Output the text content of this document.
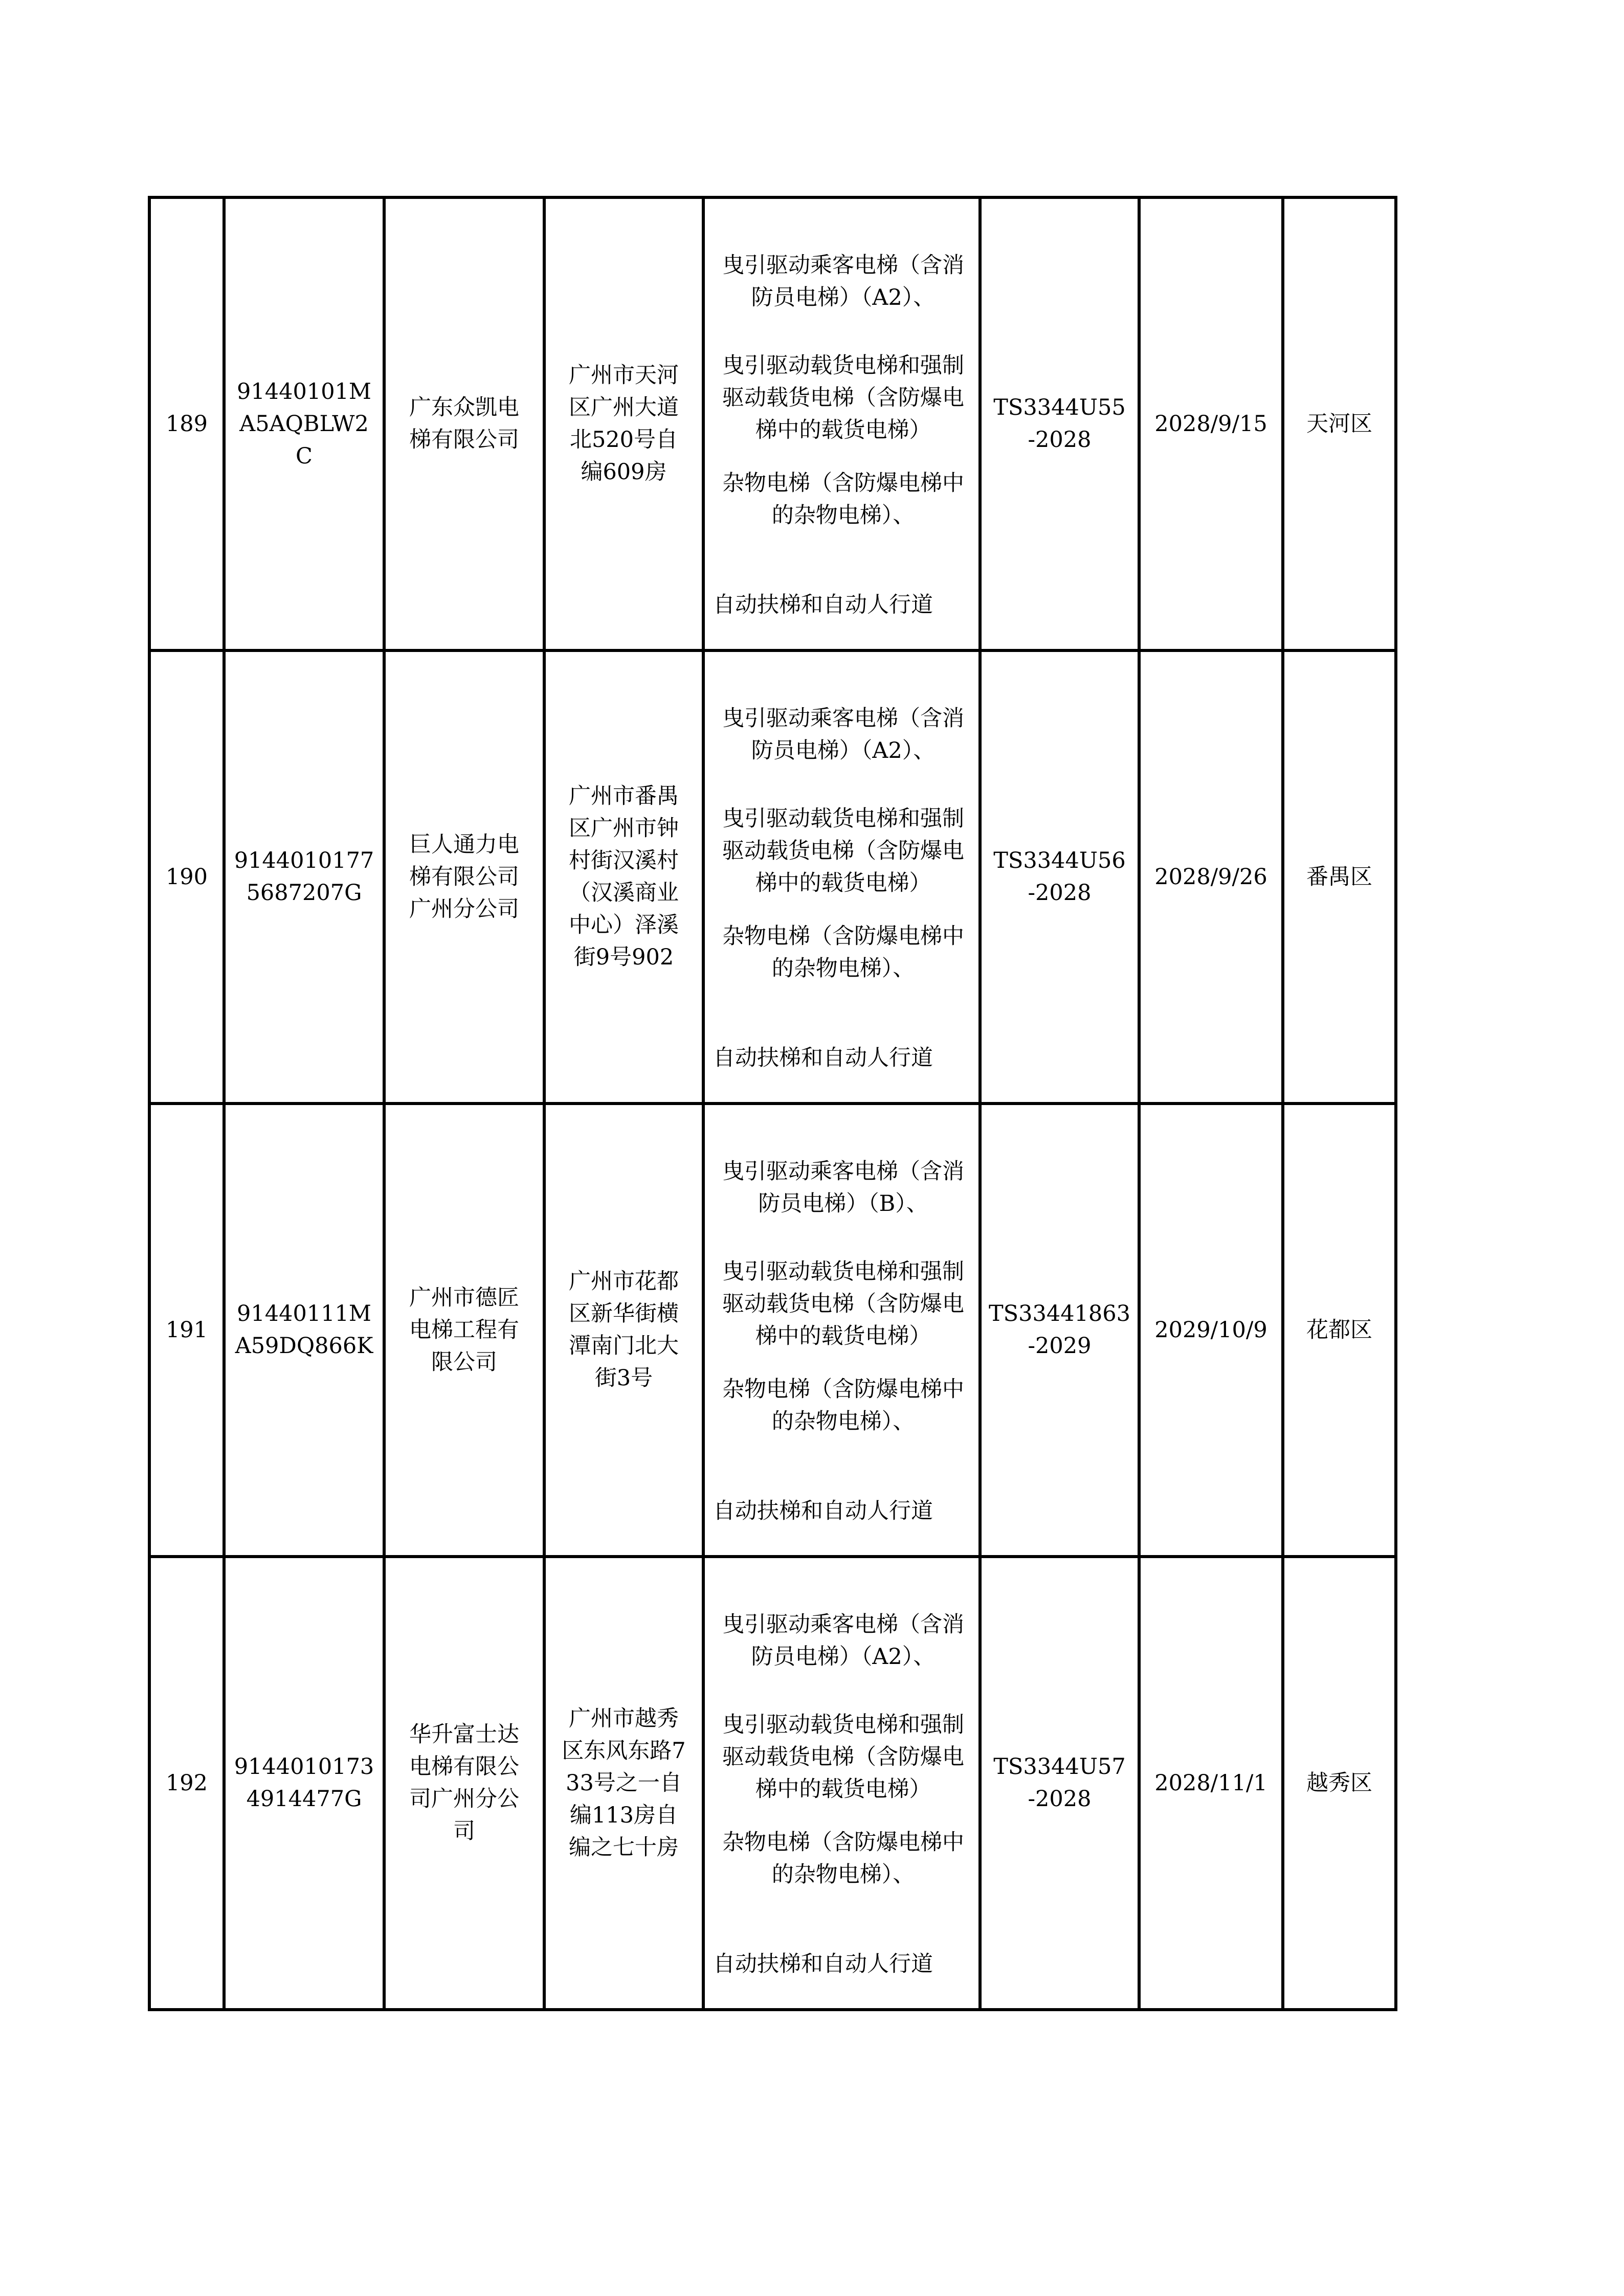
189	91440101MA5AQBLW2C	广东众凯电梯有限公司	广州市天河区广州大道北520号自编609房	曳引驱动乘客电梯（含消防员电梯）（A2）、
曳引驱动载货电梯和强制驱动载货电梯（含防爆电梯中的载货电梯）
杂物电梯（含防爆电梯中的杂物电梯）、
自动扶梯和自动人行道	TS3344U55-2028	2028/9/15	天河区

190	91440101775687207G	巨人通力电梯有限公司广州分公司	广州市番禺区广州市钟村街汉溪村（汉溪商业中心）泽溪街9号902	曳引驱动乘客电梯（含消防员电梯）（A2）、
曳引驱动载货电梯和强制驱动载货电梯（含防爆电梯中的载货电梯）
杂物电梯（含防爆电梯中的杂物电梯）、
自动扶梯和自动人行道	TS3344U56-2028	2028/9/26	番禺区

191	91440111MA59DQ866K	广州市德匠电梯工程有限公司	广州市花都区新华街横潭南门北大街3号	曳引驱动乘客电梯（含消防员电梯）（B）、
曳引驱动载货电梯和强制驱动载货电梯（含防爆电梯中的载货电梯）
杂物电梯（含防爆电梯中的杂物电梯）、
自动扶梯和自动人行道	TS33441863-2029	2029/10/9	花都区

192	91440101734914477G	华升富士达电梯有限公司广州分公司	广州市越秀区东风东路733号之一自编113房自编之七十房	曳引驱动乘客电梯（含消防员电梯）（A2）、
曳引驱动载货电梯和强制驱动载货电梯（含防爆电梯中的载货电梯）
杂物电梯（含防爆电梯中的杂物电梯）、
自动扶梯和自动人行道	TS3344U57-2028	2028/11/1	越秀区
